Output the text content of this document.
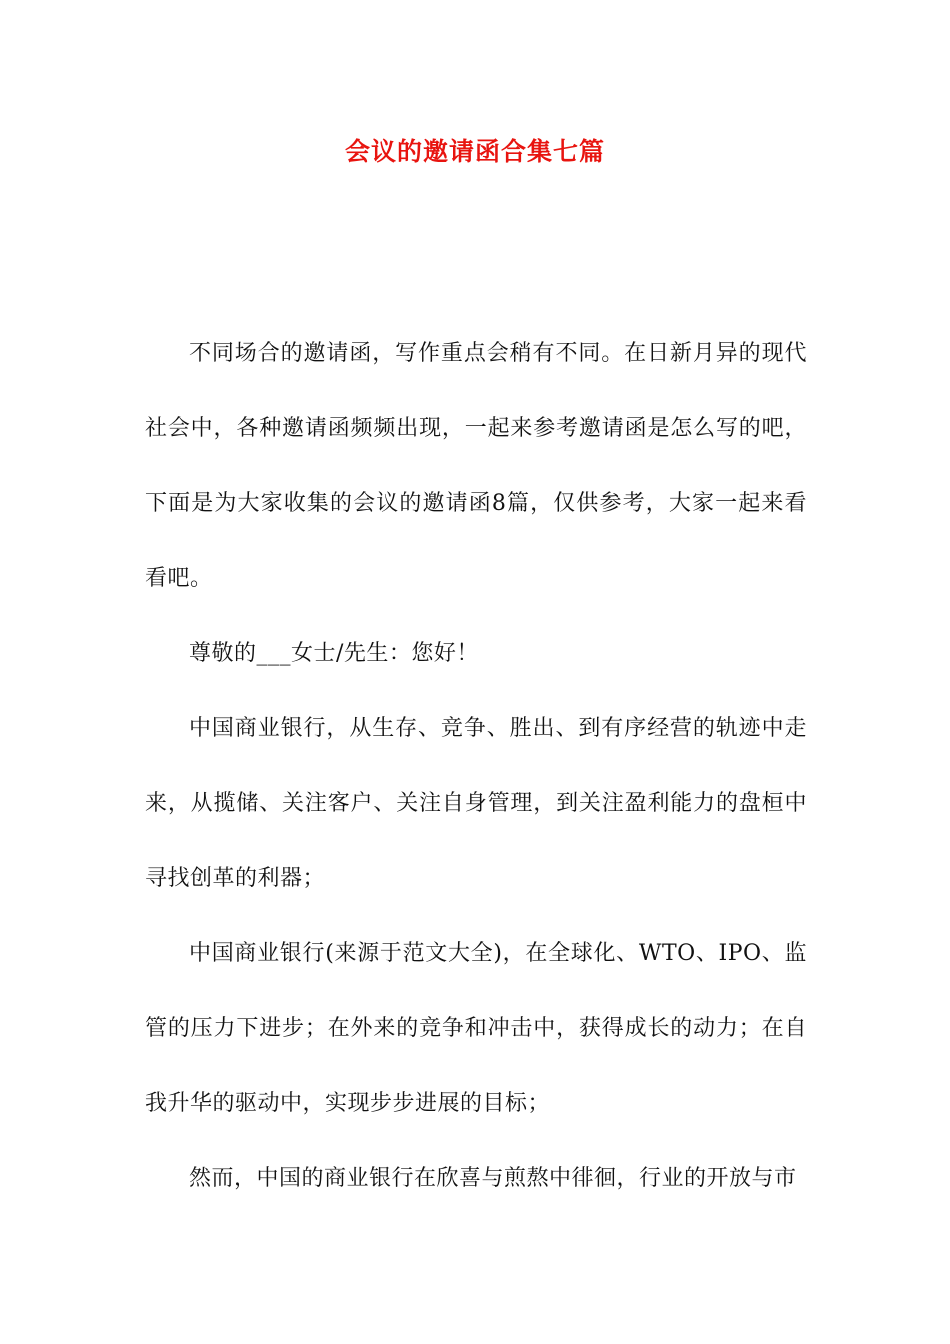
会议的邀请函合集七篇

不同场合的邀请函，写作重点会稍有不同。在日新月异的现代社会中，各种邀请函频频出现，一起来参考邀请函是怎么写的吧，下面是为大家收集的会议的邀请函8篇，仅供参考，大家一起来看看吧。

尊敬的___女士/先生：您好！

中国商业银行，从生存、竞争、胜出、到有序经营的轨迹中走来，从揽储、关注客户、关注自身管理，到关注盈利能力的盘桓中寻找创革的利器；

中国商业银行(来源于范文大全)，在全球化、WTO、IPO、监管的压力下进步；在外来的竞争和冲击中，获得成长的动力；在自我升华的驱动中，实现步步进展的目标；

然而，中国的商业银行在欣喜与煎熬中徘徊，行业的开放与市
